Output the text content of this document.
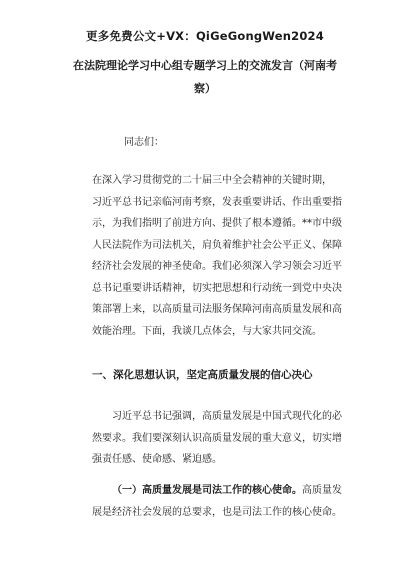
更多免费公文+VX：QiGeGongWen2024
在法院理论学习中心组专题学习上的交流发言（河南考
察）
同志们：
在深入学习贯彻党的二十届三中全会精神的关键时期，
习近平总书记亲临河南考察，发表重要讲话、作出重要指
示，为我们指明了前进方向、提供了根本遵循。**市中级
人民法院作为司法机关，肩负着维护社会公平正义、保障
经济社会发展的神圣使命。我们必须深入学习领会习近平
总书记重要讲话精神，切实把思想和行动统一到党中央决
策部署上来，以高质量司法服务保障河南高质量发展和高
效能治理。下面，我谈几点体会，与大家共同交流。
一、深化思想认识，坚定高质量发展的信心决心
习近平总书记强调，高质量发展是中国式现代化的必
然要求。我们要深刻认识高质量发展的重大意义，切实增
强责任感、使命感、紧迫感。
（一）高质量发展是司法工作的核心使命。高质量发
展是经济社会发展的总要求，也是司法工作的核心使命。
